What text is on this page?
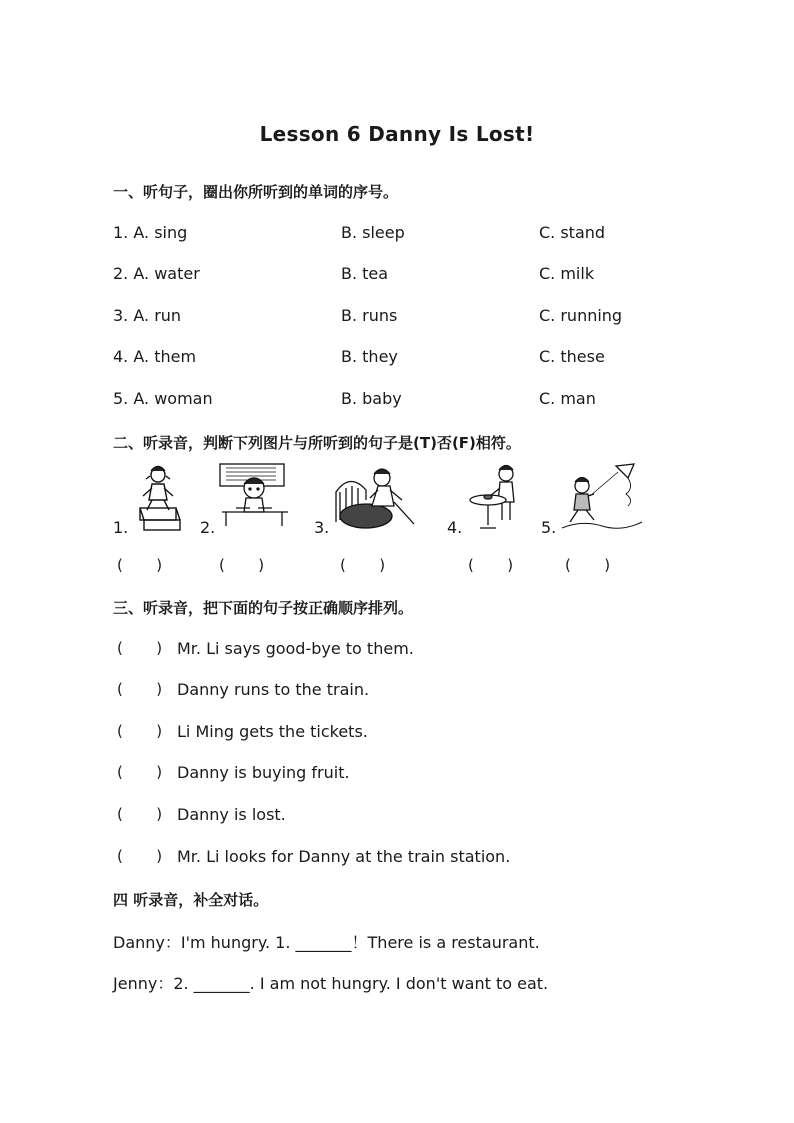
Lesson 6 Danny Is Lost!
一、听句子，圈出你所听到的单词的序号。
1. A. sing	B. sleep	C. stand
2. A. water	B. tea	C. milk
3. A. run	B. runs	C. running
4. A. them	B. they	C. these
5. A. woman	B. baby	C. man
二、听录音，判断下列图片与所听到的句子是(T)否(F)相符。
1.	2.	3.	4.	5.
(       )	(       )	(       )	(       )	(       )
三、听录音，把下面的句子按正确顺序排列。
(       ) Mr. Li says good-bye to them.
(       ) Danny runs to the train.
(       ) Li Ming gets the tickets.
(       ) Danny is buying fruit.
(       ) Danny is lost.
(       ) Mr. Li looks for Danny at the train station.
四 听录音，补全对话。
Danny：I'm hungry. 1. _______！There is a restaurant.
Jenny：2. _______. I am not hungry. I don't want to eat.
